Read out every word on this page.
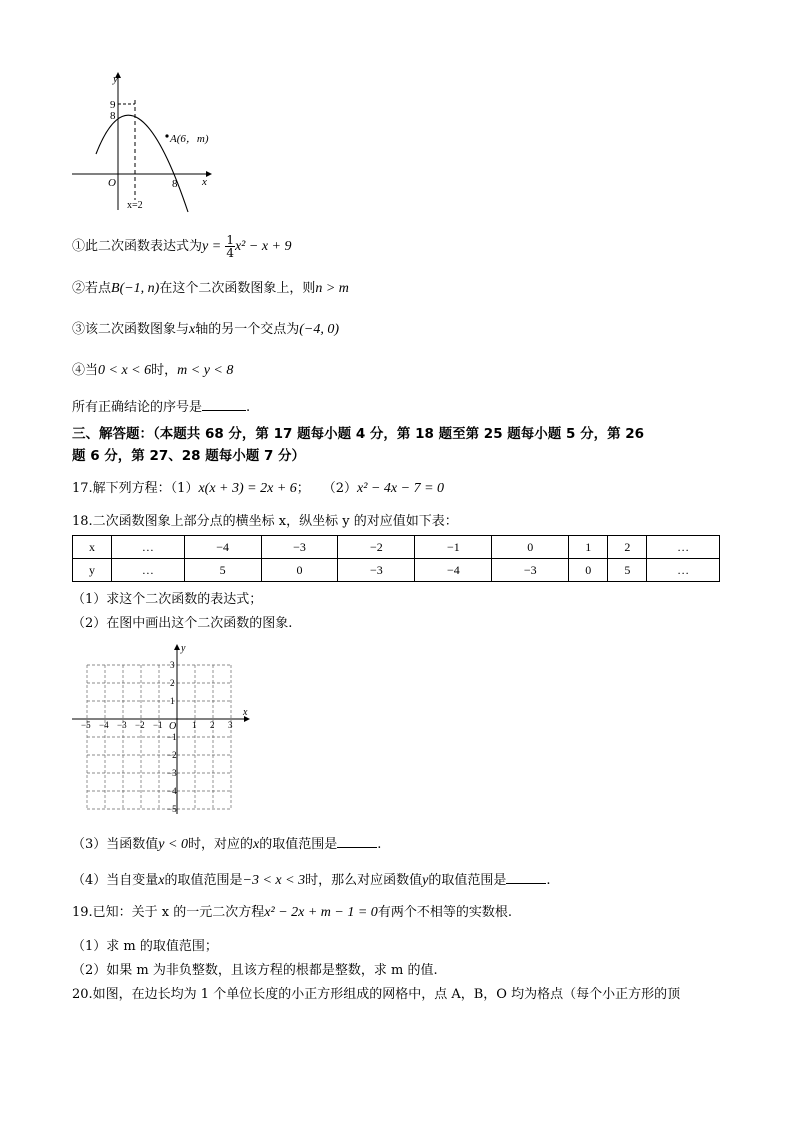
y
x
O
9
8
8
A(6，m)
x=2
①此二次函数表达式为$y = \frac{1}{4} x^2 - x + 9$
②若点B(−1, n)在这个二次函数图象上，则n > m
③该二次函数图象与x轴的另一个交点为(−4, 0)
④当0 < x < 6时，m < y < 8
所有正确结论的序号是	.
三、解答题：（本题共 68 分，第 17 题每小题 4 分，第 18 题至第 25 题每小题 5 分，第 26
题 6 分，第 27、28 题每小题 7 分）
17.解下列方程：（1）x(x + 3) = 2x + 6；　　（2）x² − 4x − 7 = 0
18.二次函数图象上部分点的横坐标 x，纵坐标 y 的对应值如下表：
x	…	−4	−3	−2	−1	0	1	2	…
y	…	5	0	−3	−4	−3	0	5	…
（1）求这个二次函数的表达式；
（2）在图中画出这个二次函数的图象.
x
y
O
−5 −4 −3 −2 −1	1 2 3
3
2
1
−1
−2
−3
−4
−5
（3）当函数值y < 0时，对应的x的取值范围是	.
（4）当自变量x的取值范围是−3 < x < 3时，那么对应函数值y的取值范围是	.
19.已知：关于 x 的一元二次方程x² − 2x + m − 1 = 0有两个不相等的实数根.
（1）求 m 的取值范围；
（2）如果 m 为非负整数，且该方程的根都是整数，求 m 的值.
20.如图，在边长均为 1 个单位长度的小正方形组成的网格中，点 A，B，O 均为格点（每个小正方形的顶
